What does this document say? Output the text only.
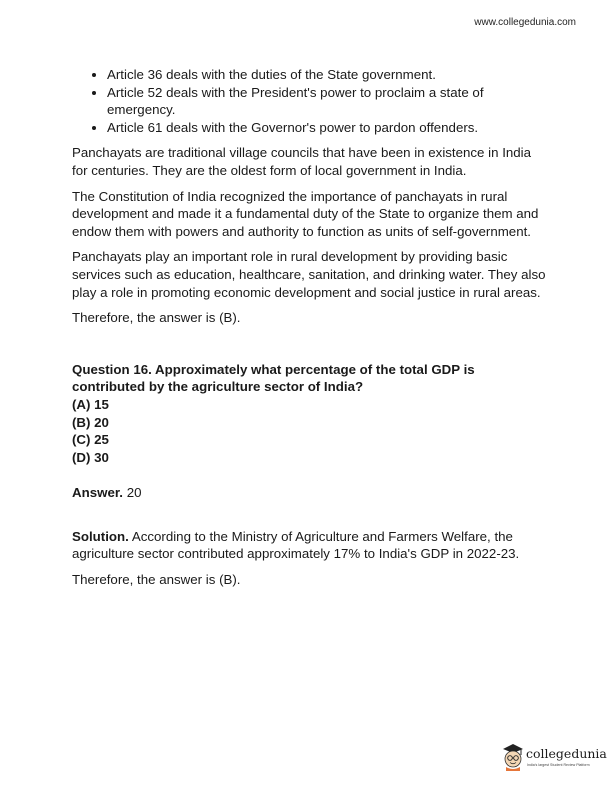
www.collegedunia.com
• Article 36 deals with the duties of the State government.
• Article 52 deals with the President's power to proclaim a state of emergency.
• Article 61 deals with the Governor's power to pardon offenders.

Panchayats are traditional village councils that have been in existence in India for centuries. They are the oldest form of local government in India.

The Constitution of India recognized the importance of panchayats in rural development and made it a fundamental duty of the State to organize them and endow them with powers and authority to function as units of self-government.

Panchayats play an important role in rural development by providing basic services such as education, healthcare, sanitation, and drinking water. They also play a role in promoting economic development and social justice in rural areas.

Therefore, the answer is (B).

Question 16. Approximately what percentage of the total GDP is contributed by the agriculture sector of India?

(A) 15

(B) 20

(C) 25

(D) 30

Answer. 20

Solution. According to the Ministry of Agriculture and Farmers Welfare, the agriculture sector contributed approximately 17% to India's GDP in 2022-23.

Therefore, the answer is (B).

collegedunia
India's largest Student Review Platform
